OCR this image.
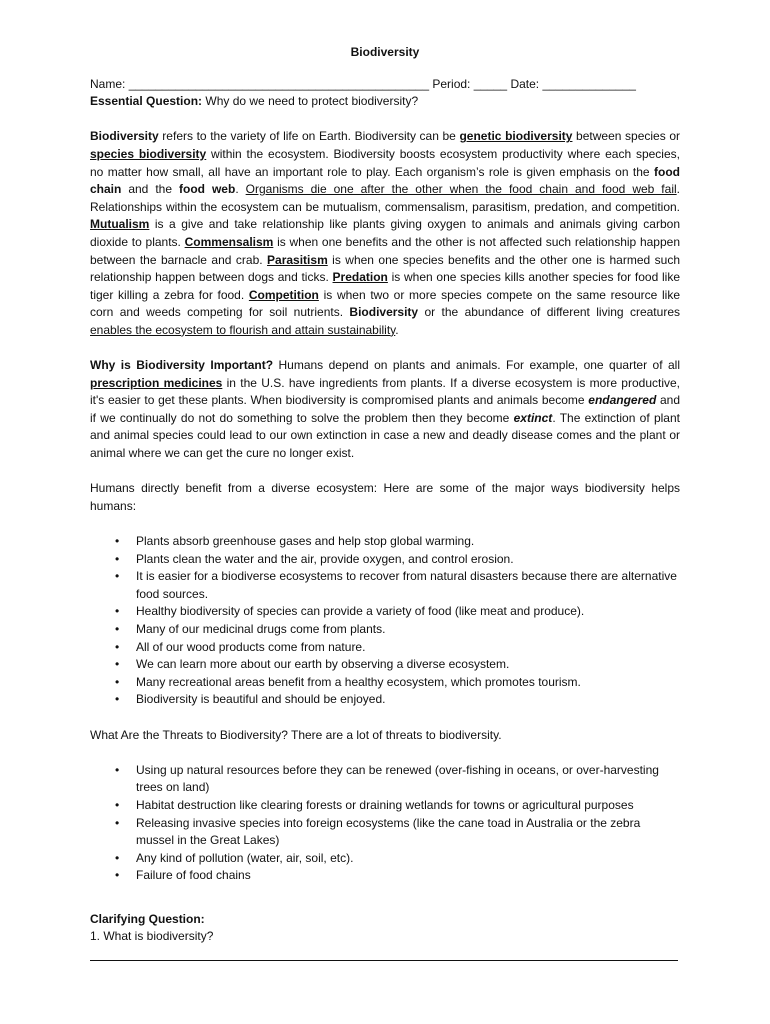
Biodiversity
Name: _____________________________________________ Period: _____ Date: ______________
Essential Question: Why do we need to protect biodiversity?

Biodiversity refers to the variety of life on Earth. Biodiversity can be genetic biodiversity between species or species biodiversity within the ecosystem. Biodiversity boosts ecosystem productivity where each species, no matter how small, all have an important role to play. Each organism’s role is given emphasis on the food chain and the food web. Organisms die one after the other when the food chain and food web fail. Relationships within the ecosystem can be mutualism, commensalism, parasitism, predation, and competition. Mutualism is a give and take relationship like plants giving oxygen to animals and animals giving carbon dioxide to plants. Commensalism is when one benefits and the other is not affected such relationship happen between the barnacle and crab. Parasitism is when one species benefits and the other one is harmed such relationship happen between dogs and ticks. Predation is when one species kills another species for food like tiger killing a zebra for food. Competition is when two or more species compete on the same resource like corn and weeds competing for soil nutrients. Biodiversity or the abundance of different living creatures enables the ecosystem to flourish and attain sustainability.

Why is Biodiversity Important? Humans depend on plants and animals. For example, one quarter of all prescription medicines in the U.S. have ingredients from plants. If a diverse ecosystem is more productive, it's easier to get these plants. When biodiversity is compromised plants and animals become endangered and if we continually do not do something to solve the problem then they become extinct. The extinction of plant and animal species could lead to our own extinction in case a new and deadly disease comes and the plant or animal where we can get the cure no longer exist.

Humans directly benefit from a diverse ecosystem: Here are some of the major ways biodiversity helps humans:

• Plants absorb greenhouse gases and help stop global warming.
• Plants clean the water and the air, provide oxygen, and control erosion.
• It is easier for a biodiverse ecosystems to recover from natural disasters because there are alternative food sources.
• Healthy biodiversity of species can provide a variety of food (like meat and produce).
• Many of our medicinal drugs come from plants.
• All of our wood products come from nature.
• We can learn more about our earth by observing a diverse ecosystem.
• Many recreational areas benefit from a healthy ecosystem, which promotes tourism.
• Biodiversity is beautiful and should be enjoyed.

What Are the Threats to Biodiversity? There are a lot of threats to biodiversity.

• Using up natural resources before they can be renewed (over-fishing in oceans, or over-harvesting trees on land)
• Habitat destruction like clearing forests or draining wetlands for towns or agricultural purposes
• Releasing invasive species into foreign ecosystems (like the cane toad in Australia or the zebra mussel in the Great Lakes)
• Any kind of pollution (water, air, soil, etc).
• Failure of food chains
Clarifying Question:
1. What is biodiversity?
